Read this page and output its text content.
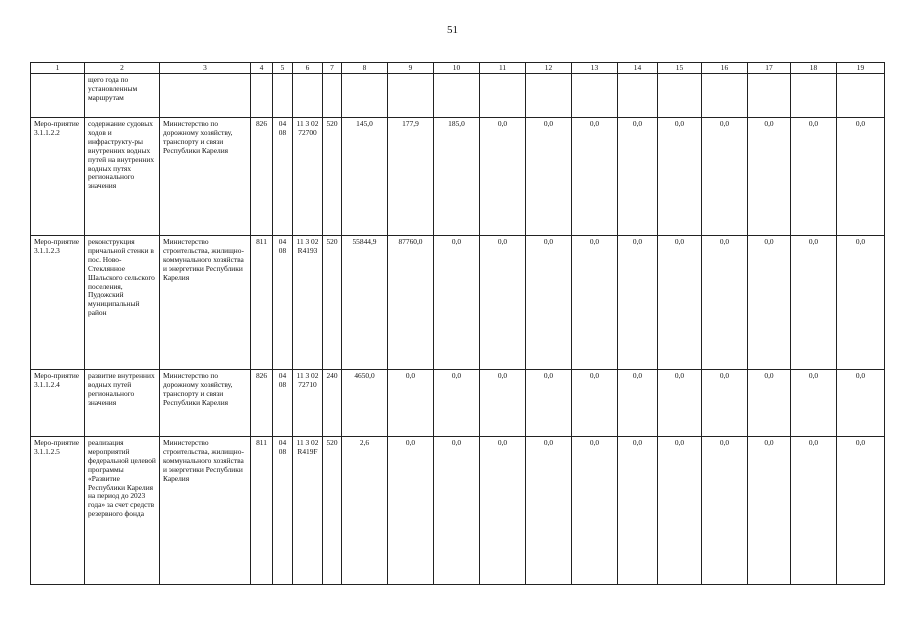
51
1	2	3	4	5	6	7	8	9	10	11	12	13	14	15	16	17	18	19
	щего года по установленным маршрутам																	
Меро-приятие 3.1.1.2.2	содержание судовых ходов и инфраструкту-ры внутренних водных путей на внутренних водных путях регионального значения	Министерство по дорожному хозяйству, транспорту и связи Республики Карелия	826	04 08	11 3 02 72700	520	145,0	177,9	185,0	0,0	0,0	0,0	0,0	0,0	0,0	0,0	0,0	0,0
Меро-приятие 3.1.1.2.3	реконструкция причальной стенки в пос. Ново-Стеклянное Шальского сельского поселения, Пудожский муниципальный район	Министерство строительства, жилищно-коммунального хозяйства и энергетики Республики Карелия	811	04 08	11 3 02 R4193	520	55844,9	87760,0	0,0	0,0	0,0	0,0	0,0	0,0	0,0	0,0	0,0	0,0
Меро-приятие 3.1.1.2.4	развитие внутренних водных путей регионального значения	Министерство по дорожному хозяйству, транспорту и связи Республики Карелия	826	04 08	11 3 02 72710	240	4650,0	0,0	0,0	0,0	0,0	0,0	0,0	0,0	0,0	0,0	0,0	0,0
Меро-приятие 3.1.1.2.5	реализация мероприятий федеральной целевой программы «Развитие Республики Карелия на период до 2023 года» за счет средств резервного фонда	Министерство строительства, жилищно-коммунального хозяйства и энергетики Республики Карелия	811	04 08	11 3 02 R419F	520	2,6	0,0	0,0	0,0	0,0	0,0	0,0	0,0	0,0	0,0	0,0	0,0
